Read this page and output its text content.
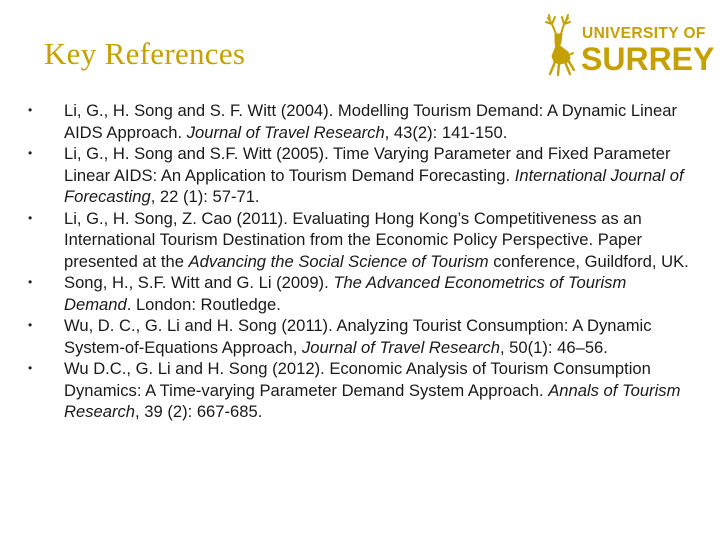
Key References
UNIVERSITY OF
SURREY
• Li, G., H. Song and S. F. Witt (2004). Modelling Tourism Demand: A Dynamic Linear AIDS Approach. Journal of Travel Research, 43(2): 141-150.
• Li, G., H. Song and S.F. Witt (2005). Time Varying Parameter and Fixed Parameter Linear AIDS: An Application to Tourism Demand Forecasting. International Journal of Forecasting, 22 (1): 57-71.
• Li, G., H. Song, Z. Cao (2011). Evaluating Hong Kong’s Competitiveness as an International Tourism Destination from the Economic Policy Perspective. Paper presented at the Advancing the Social Science of Tourism conference, Guildford, UK.
• Song, H., S.F. Witt and G. Li (2009). The Advanced Econometrics of Tourism Demand. London: Routledge.
• Wu, D. C., G. Li and H. Song (2011). Analyzing Tourist Consumption: A Dynamic System-of-Equations Approach, Journal of Travel Research, 50(1): 46–56.
• Wu D.C., G. Li and H. Song (2012). Economic Analysis of Tourism Consumption Dynamics: A Time-varying Parameter Demand System Approach. Annals of Tourism Research, 39 (2): 667-685.
